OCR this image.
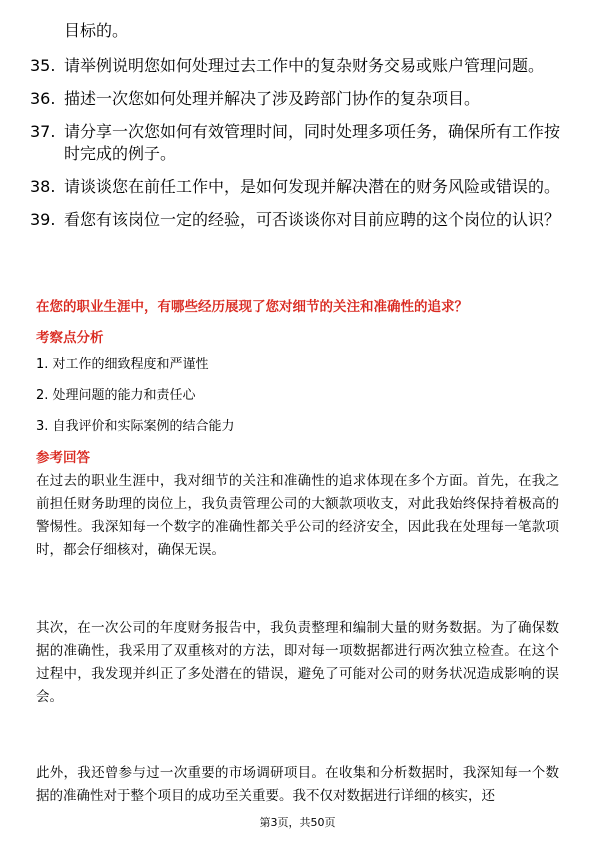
目标的。
35. 请举例说明您如何处理过去工作中的复杂财务交易或账户管理问题。
36. 描述一次您如何处理并解决了涉及跨部门协作的复杂项目。
37. 请分享一次您如何有效管理时间，同时处理多项任务，确保所有工作按时完成的例子。
38. 请谈谈您在前任工作中，是如何发现并解决潜在的财务风险或错误的。
39. 看您有该岗位一定的经验，可否谈谈你对目前应聘的这个岗位的认识？
在您的职业生涯中，有哪些经历展现了您对细节的关注和准确性的追求？
考察点分析
1. 对工作的细致程度和严谨性
2. 处理问题的能力和责任心
3. 自我评价和实际案例的结合能力
参考回答

在过去的职业生涯中，我对细节的关注和准确性的追求体现在多个方面。首先，在我之前担任财务助理的岗位上，我负责管理公司的大额款项收支，对此我始终保持着极高的警惕性。我深知每一个数字的准确性都关乎公司的经济安全，因此我在处理每一笔款项时，都会仔细核对，确保无误。

其次，在一次公司的年度财务报告中，我负责整理和编制大量的财务数据。为了确保数据的准确性，我采用了双重核对的方法，即对每一项数据都进行两次独立检查。在这个过程中，我发现并纠正了多处潜在的错误，避免了可能对公司的财务状况造成影响的误会。

此外，我还曾参与过一次重要的市场调研项目。在收集和分析数据时，我深知每一个数据的准确性对于整个项目的成功至关重要。我不仅对数据进行详细的核实，还

第3页，共50页
